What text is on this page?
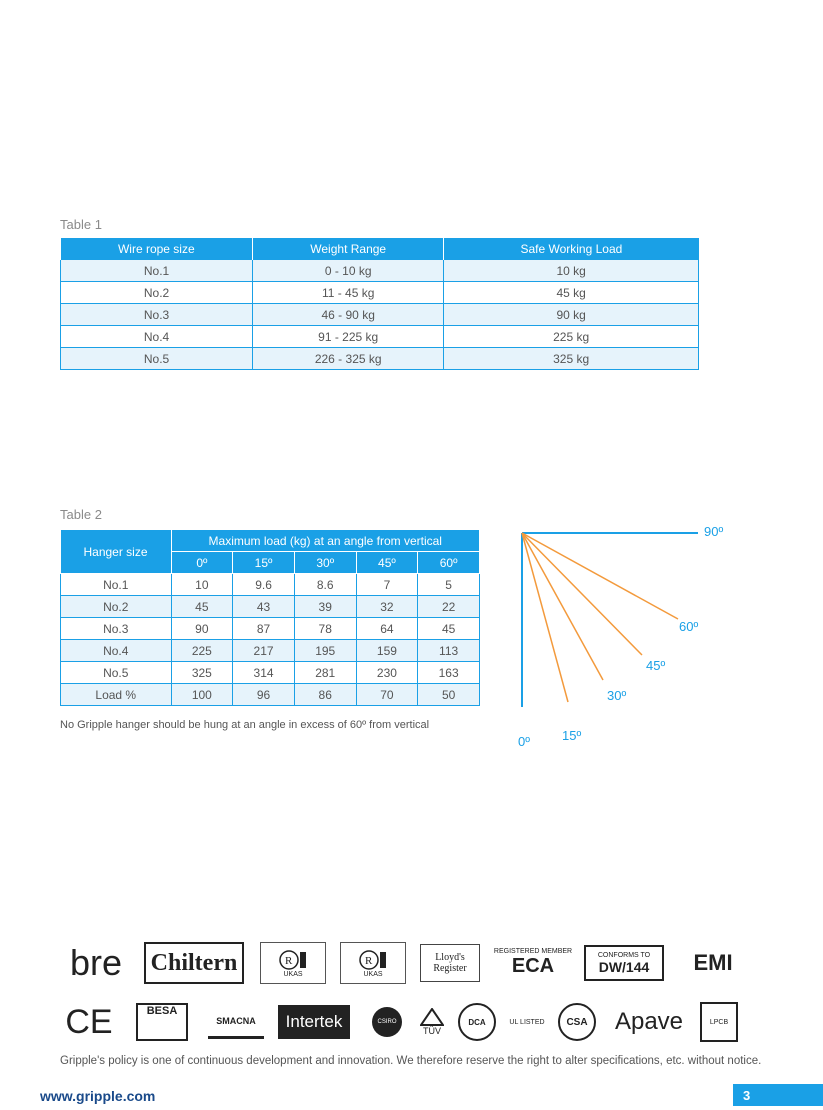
Table 1
Wire rope size	Weight Range	Safe Working Load
No.1	0 - 10 kg	10 kg
No.2	11 - 45 kg	45 kg
No.3	46 - 90 kg	90 kg
No.4	91 - 225 kg	225 kg
No.5	226 - 325 kg	325 kg
Table 2
Hanger size	Maximum load (kg) at an angle from vertical				
	0º	15º	30º	45º	60º
No.1	10	9.6	8.6	7	5
No.2	45	43	39	32	22
No.3	90	87	78	64	45
No.4	225	217	195	159	113
No.5	325	314	281	230	163
Load %	100	96	86	70	50
No Gripple hanger should be hung at an angle in excess of 60º from vertical
0º 15º
30º
45º
60º
90º
bre	Chiltern	R
UKAS
R
UKAS
Lloyd's Register
REGISTERED MEMBER
ECA	CONFORMS TO
DW/144	EMI
CE	BESA
SMACNA	Intertek	CSIRO
TÜV
DCA	UL LISTED	CSA	Apave	LPCB
Gripple's policy is one of continuous development and innovation. We therefore reserve the right to alter specifications, etc. without notice.
www.gripple.com	3
